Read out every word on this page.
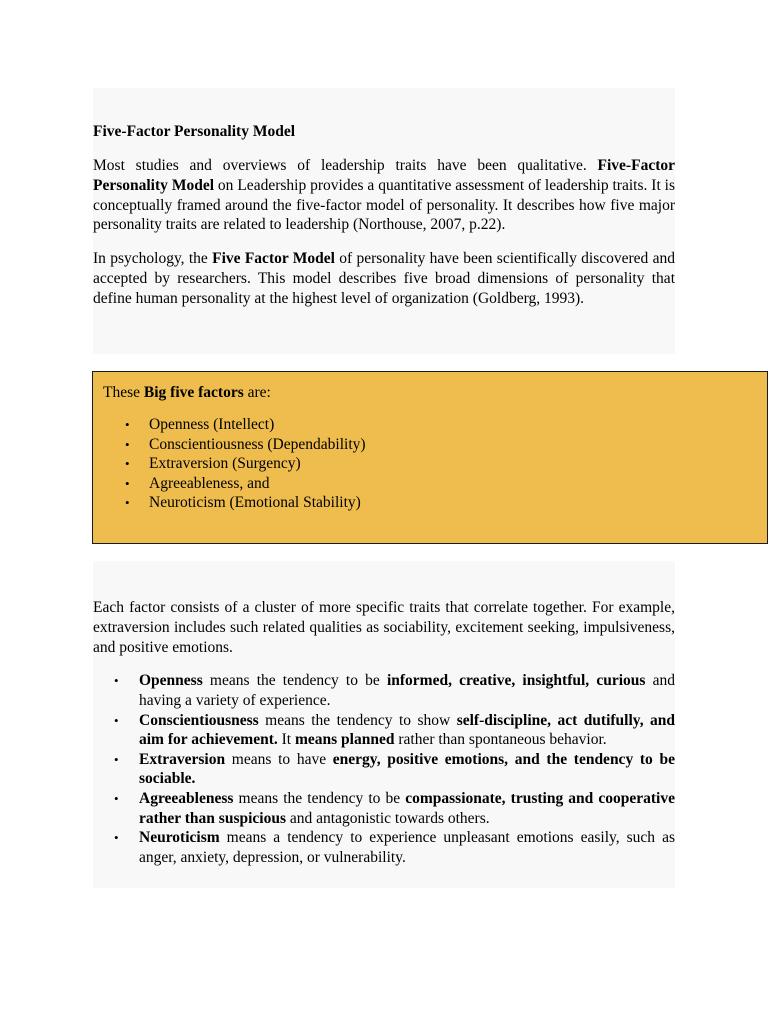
Five-Factor Personality Model

Most studies and overviews of leadership traits have been qualitative. Five-Factor Personality Model on Leadership provides a quantitative assessment of leadership traits. It is conceptually framed around the five-factor model of personality. It describes how five major personality traits are related to leadership (Northouse, 2007, p.22).

In psychology, the Five Factor Model of personality have been scientifically discovered and accepted by researchers. This model describes five broad dimensions of personality that define human personality at the highest level of organization (Goldberg, 1993).

These Big five factors are:
• Openness (Intellect)
• Conscientiousness (Dependability)
• Extraversion (Surgency)
• Agreeableness, and
• Neuroticism (Emotional Stability)

Each factor consists of a cluster of more specific traits that correlate together. For example, extraversion includes such related qualities as sociability, excitement seeking, impulsiveness, and positive emotions.

• Openness means the tendency to be informed, creative, insightful, curious and having a variety of experience.
• Conscientiousness means the tendency to show self-discipline, act dutifully, and aim for achievement. It means planned rather than spontaneous behavior.
• Extraversion means to have energy, positive emotions, and the tendency to be sociable.
• Agreeableness means the tendency to be compassionate, trusting and cooperative rather than suspicious and antagonistic towards others.
• Neuroticism means a tendency to experience unpleasant emotions easily, such as anger, anxiety, depression, or vulnerability.
